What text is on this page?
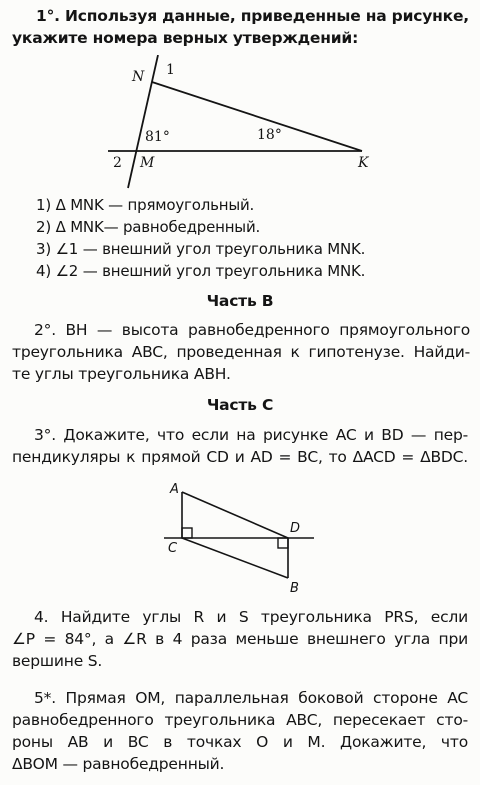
1°. Используя данные, приведенные на рисунке,
укажите номера верных утверждений:
N 1
81°	18°
2 M	K
1) Δ MNK — прямоугольный.
2) Δ MNK— равнобедренный.
3) ∠1 — внешний угол треугольника MNK.
4) ∠2 — внешний угол треугольника MNK.
Часть В
2°. BH — высота равнобедренного прямоугольного
треугольника ABC, проведенная к гипотенузе. Найди-
те углы треугольника ABH.
Часть С
3°. Докажите, что если на рисунке AC и BD — пер-
пендикуляры к прямой CD и AD = BC, то ΔACD = ΔBDC.
A
C
D
B
4. Найдите углы R и S треугольника PRS, если
∠P = 84°, а ∠R в 4 раза меньше внешнего угла при
вершине S.
5*. Прямая OM, параллельная боковой стороне AC
равнобедренного треугольника ABC, пересекает сто-
роны AB и BC в точках O и M. Докажите, что
ΔBOM — равнобедренный.
